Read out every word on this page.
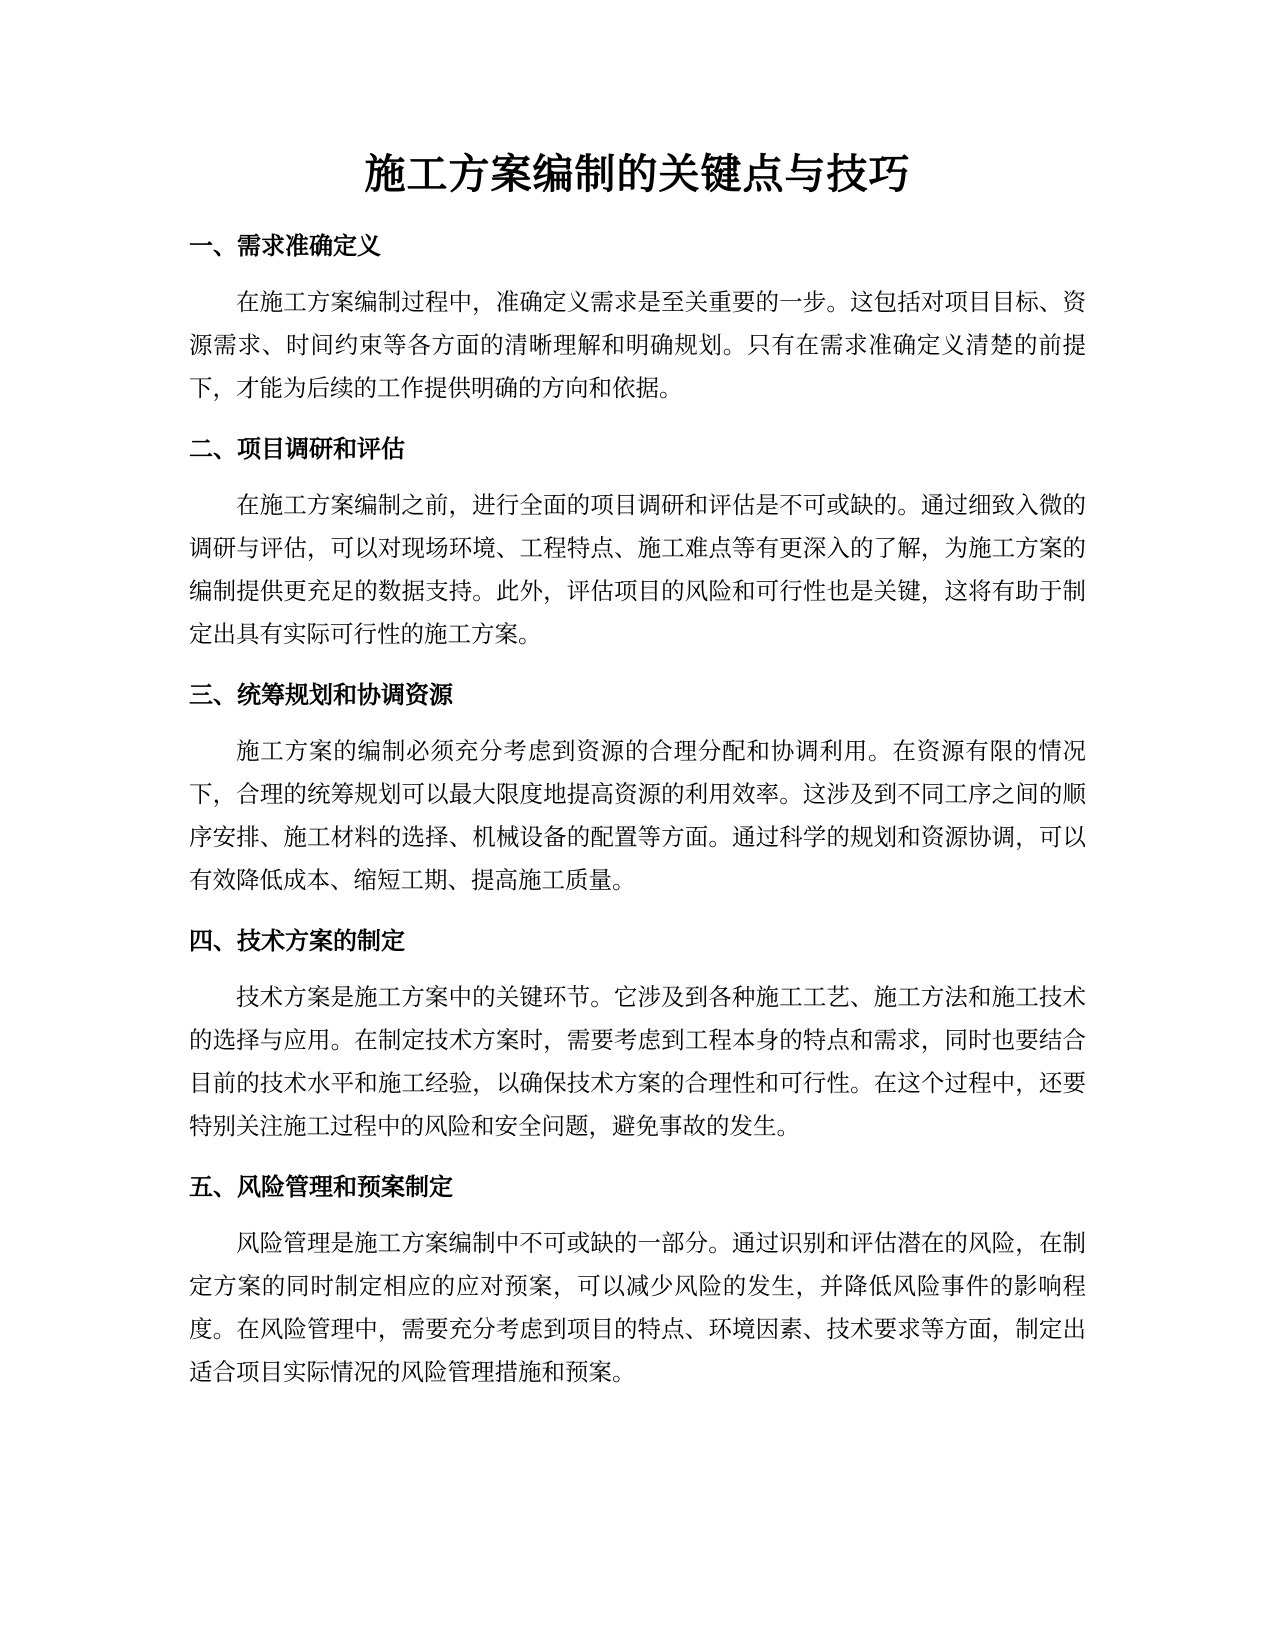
施工方案编制的关键点与技巧
一、需求准确定义

在施工方案编制过程中，准确定义需求是至关重要的一步。这包括对项目目标、资源需求、时间约束等各方面的清晰理解和明确规划。只有在需求准确定义清楚的前提下，才能为后续的工作提供明确的方向和依据。

二、项目调研和评估

在施工方案编制之前，进行全面的项目调研和评估是不可或缺的。通过细致入微的调研与评估，可以对现场环境、工程特点、施工难点等有更深入的了解，为施工方案的编制提供更充足的数据支持。此外，评估项目的风险和可行性也是关键，这将有助于制定出具有实际可行性的施工方案。

三、统筹规划和协调资源

施工方案的编制必须充分考虑到资源的合理分配和协调利用。在资源有限的情况下，合理的统筹规划可以最大限度地提高资源的利用效率。这涉及到不同工序之间的顺序安排、施工材料的选择、机械设备的配置等方面。通过科学的规划和资源协调，可以有效降低成本、缩短工期、提高施工质量。

四、技术方案的制定

技术方案是施工方案中的关键环节。它涉及到各种施工工艺、施工方法和施工技术的选择与应用。在制定技术方案时，需要考虑到工程本身的特点和需求，同时也要结合目前的技术水平和施工经验，以确保技术方案的合理性和可行性。在这个过程中，还要特别关注施工过程中的风险和安全问题，避免事故的发生。

五、风险管理和预案制定

风险管理是施工方案编制中不可或缺的一部分。通过识别和评估潜在的风险，在制定方案的同时制定相应的应对预案，可以减少风险的发生，并降低风险事件的影响程度。在风险管理中，需要充分考虑到项目的特点、环境因素、技术要求等方面，制定出适合项目实际情况的风险管理措施和预案。
